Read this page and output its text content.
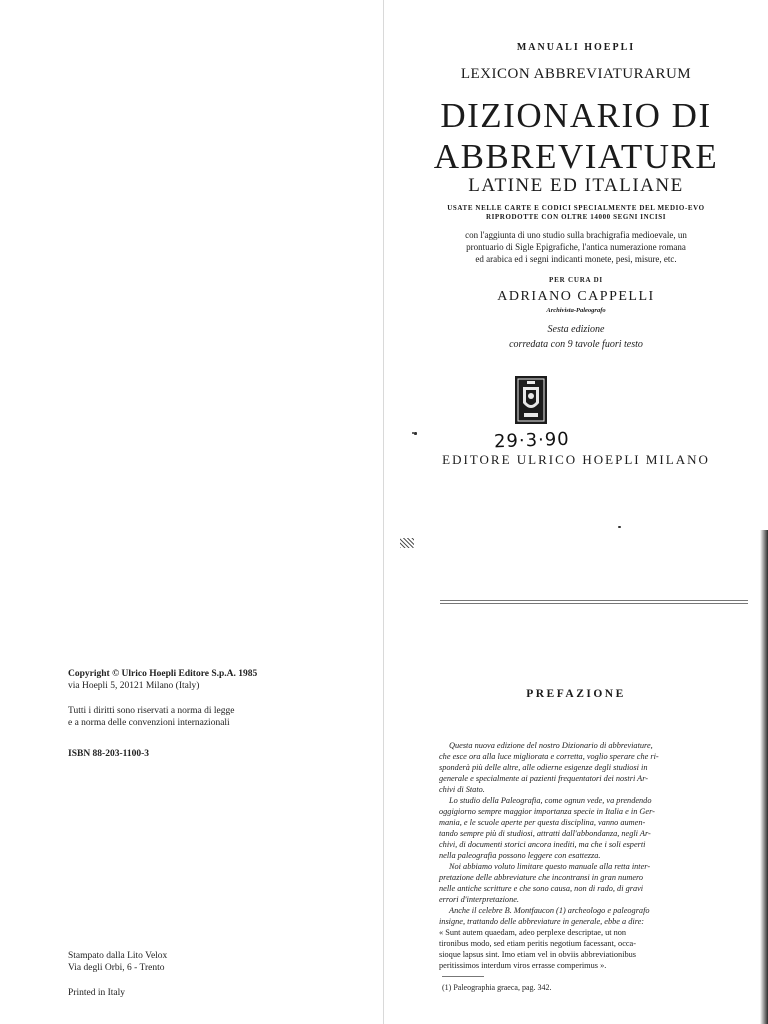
Copyright © Ulrico Hoepli Editore S.p.A. 1985
via Hoepli 5, 20121 Milano (Italy)
Tutti i diritti sono riservati a norma di legge
e a norma delle convenzioni internazionali
ISBN 88-203-1100-3
Stampato dalla Lito Velox
Via degli Orbi, 6 - Trento
Printed in Italy
MANUALI HOEPLI
LEXICON ABBREVIATURARUM
DIZIONARIO DI
ABBREVIATURE
LATINE ED ITALIANE
USATE NELLE CARTE E CODICI SPECIALMENTE DEL MEDIO-EVO
RIPRODOTTE CON OLTRE 14000 SEGNI INCISI
con l'aggiunta di uno studio sulla brachigrafia medioevale, un
prontuario di Sigle Epigrafiche, l'antica numerazione romana
ed arabica ed i segni indicanti monete, pesi, misure, etc.
PER CURA DI
ADRIANO CAPPELLI
Archivista-Paleografo
Sesta edizione
corredata con 9 tavole fuori testo
29·3·90
EDITORE ULRICO HOEPLI MILANO
PREFAZIONE
Questa nuova edizione del nostro Dizionario di abbreviature,
che esce ora alla luce migliorata e corretta, voglio sperare che ri-
sponderà più delle altre, alle odierne esigenze degli studiosi in
generale e specialmente ai pazienti frequentatori dei nostri Ar-
chivi di Stato.
Lo studio della Paleografia, come ognun vede, va prendendo
oggigiorno sempre maggior importanza specie in Italia e in Ger-
mania, e le scuole aperte per questa disciplina, vanno aumen-
tando sempre più di studiosi, attratti dall'abbondanza, negli Ar-
chivi, di documenti storici ancora inediti, ma che i soli esperti
nella paleografia possono leggere con esattezza.
Noi abbiamo voluto limitare questo manuale alla retta inter-
pretazione delle abbreviature che incontransi in gran numero
nelle antiche scritture e che sono causa, non di rado, di gravi
errori d'interpretazione.
Anche il celebre B. Montfaucon (1) archeologo e paleografo
insigne, trattando delle abbreviature in generale, ebbe a dire:
« Sunt autem quaedam, adeo perplexe descriptae, ut non
tironibus modo, sed etiam peritis negotium facessant, occa-
sioque lapsus sint. Imo etiam vel in obviis abbreviationibus
peritissimos interdum viros errasse comperimus ».
(1) Paleographia graeca, pag. 342.
